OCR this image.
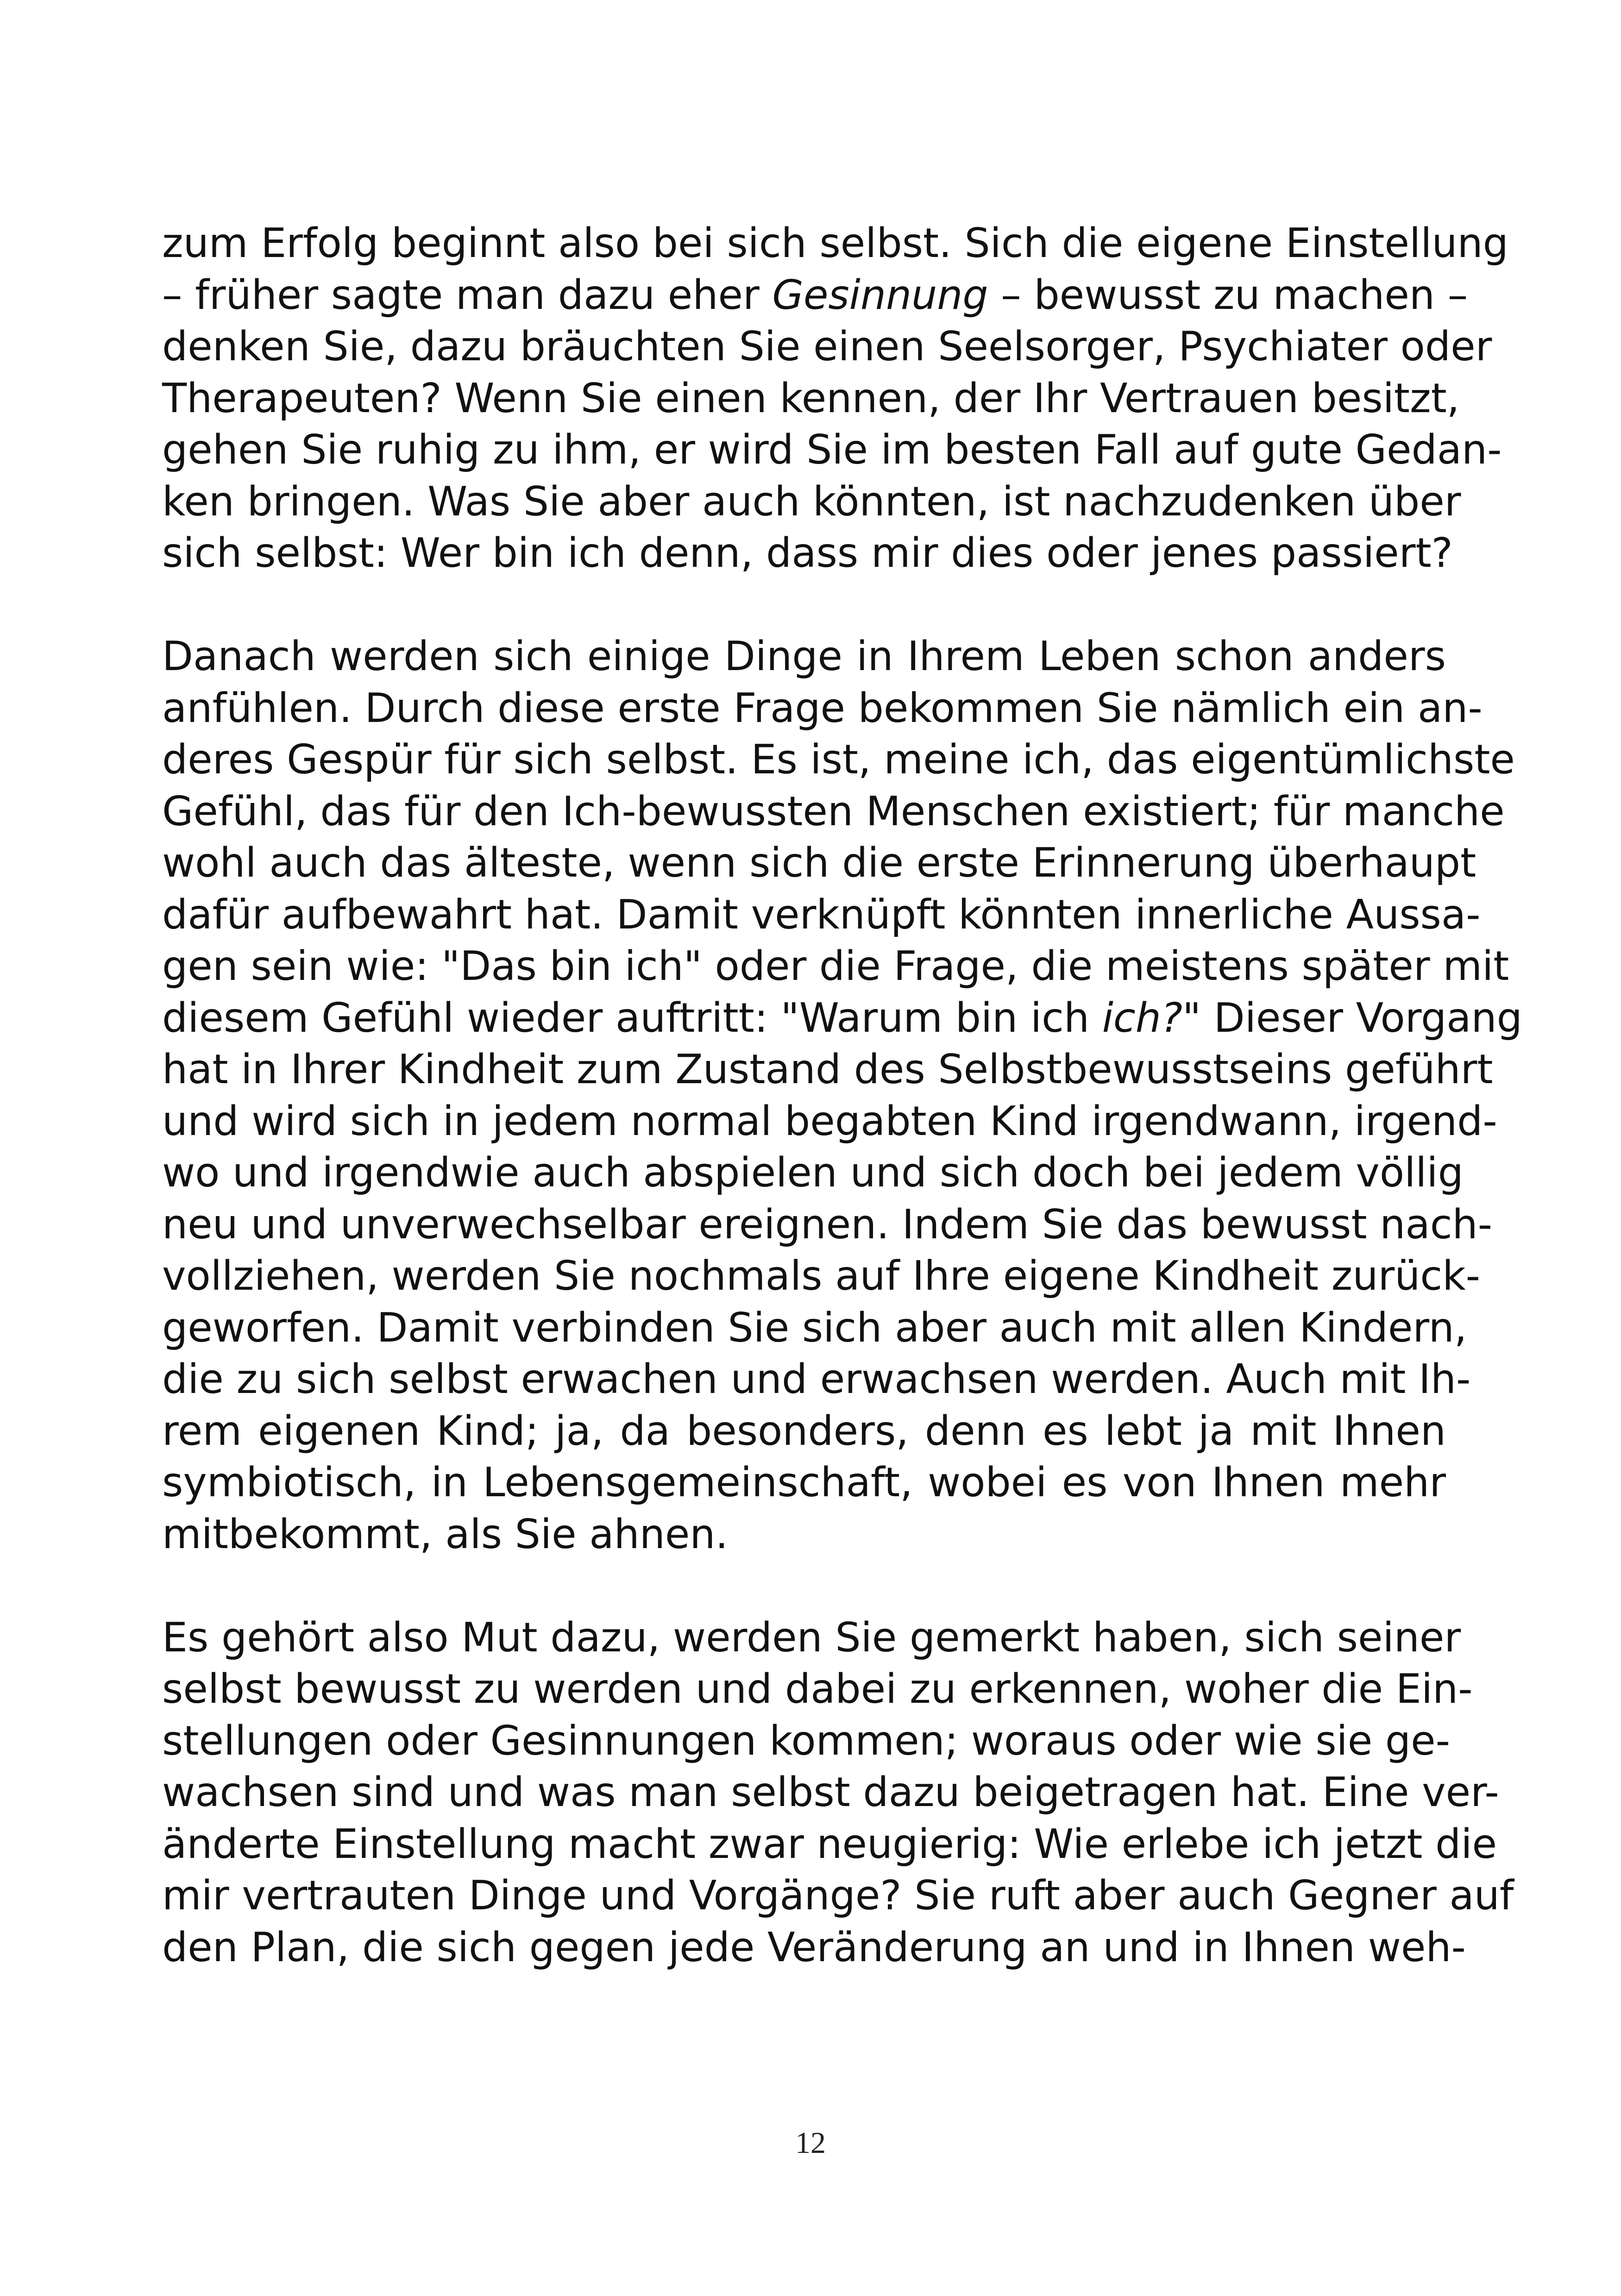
zum Erfolg beginnt also bei sich selbst. Sich die eigene Einstellung
– früher sagte man dazu eher Gesinnung – bewusst zu machen –
denken Sie, dazu bräuchten Sie einen Seelsorger, Psychiater oder
Therapeuten? Wenn Sie einen kennen, der Ihr Vertrauen besitzt,
gehen Sie ruhig zu ihm, er wird Sie im besten Fall auf gute Gedan-
ken bringen. Was Sie aber auch könnten, ist nachzudenken über
sich selbst: Wer bin ich denn, dass mir dies oder jenes passiert?

Danach werden sich einige Dinge in Ihrem Leben schon anders
anfühlen. Durch diese erste Frage bekommen Sie nämlich ein an-
deres Gespür für sich selbst. Es ist, meine ich, das eigentümlichste
Gefühl, das für den Ich-bewussten Menschen existiert; für manche
wohl auch das älteste, wenn sich die erste Erinnerung überhaupt
dafür aufbewahrt hat. Damit verknüpft könnten innerliche Aussa-
gen sein wie: "Das bin ich" oder die Frage, die meistens später mit
diesem Gefühl wieder auftritt: "Warum bin ich ich?" Dieser Vorgang
hat in Ihrer Kindheit zum Zustand des Selbstbewusstseins geführt
und wird sich in jedem normal begabten Kind irgendwann, irgend-
wo und irgendwie auch abspielen und sich doch bei jedem völlig
neu und unverwechselbar ereignen. Indem Sie das bewusst nach-
vollziehen, werden Sie nochmals auf Ihre eigene Kindheit zurück-
geworfen. Damit verbinden Sie sich aber auch mit allen Kindern,
die zu sich selbst erwachen und erwachsen werden. Auch mit Ih-
rem eigenen Kind; ja, da besonders, denn es lebt ja mit Ihnen
symbiotisch, in Lebensgemeinschaft, wobei es von Ihnen mehr
mitbekommt, als Sie ahnen.

Es gehört also Mut dazu, werden Sie gemerkt haben, sich seiner
selbst bewusst zu werden und dabei zu erkennen, woher die Ein-
stellungen oder Gesinnungen kommen; woraus oder wie sie ge-
wachsen sind und was man selbst dazu beigetragen hat. Eine ver-
änderte Einstellung macht zwar neugierig: Wie erlebe ich jetzt die
mir vertrauten Dinge und Vorgänge? Sie ruft aber auch Gegner auf
den Plan, die sich gegen jede Veränderung an und in Ihnen weh-

12
